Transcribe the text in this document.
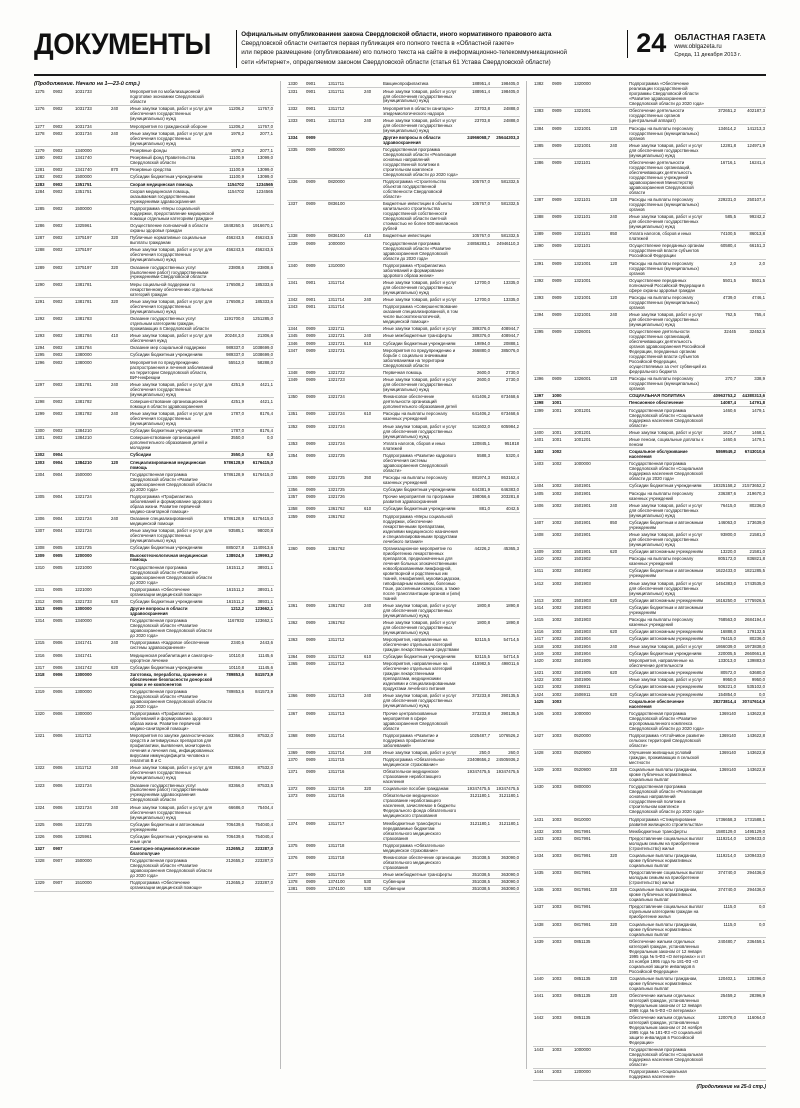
ДОКУМЕНТЫ	Официальным опубликованием закона Свердловской области, иного нормативного правового акта

Свердловской области считается первая публикация его полного текста в «Областной газете»

или первое размещение (опубликование) его полного текста на сайте в информационно-телекоммуникационной

сети «Интернет», определяемом законом Свердловской области (статья 61 Устава Свердловской области)

24 ОБЛАСТНАЯ ГАЗЕТА
www.oblgazeta.ru
Среда, 11 декабря 2013 г.
(Продолжение. Начало на 1—23-й стр.)
1275	0902	1031733		Мероприятия по мобилизационной подготовке экономики Свердловской области		
1276	0902	1031733	240	Иные закупки товаров, работ и услуг для обеспечения государственных (муниципальных) нужд	11206,2	11767,0
1277	0902	1031734		Мероприятия по гражданской обороне	11206,2	11767,0
1278	0902	1031734	240	Иные закупки товаров, работ и услуг для обеспечения государственных (муниципальных) нужд	1978,2	2077,1
1279	0902	1340000		Резервные фонды	1978,2	2077,1
1280	0902	1341740		Резервный фонд Правительства Свердловской области	11100,9	13099,0
1281	0902	1341740	870	Резервные средства	11100,9	13099,0
1282	0902	1500000		Субсидии бюджетным учреждениям	11100,9	13099,0
1283	0902	1351751		Скорая медицинская помощь	1154702	1234565
1284	0902	1351751		Скорая медицинская помощь, оказываемая государственными учреждениями здравоохранения	1154702	1234565
1285	0902	1500000		Подпрограмма «Меры социальной поддержки, предоставление медицинской помощи отдельным категориям граждан»		
1286	0902	1325961		Осуществление полномочий в области охраны здоровья граждан	1848260,5	1916670,1
1287	0902	1375197	320	Публичные нормативные социальные выплаты гражданам	456243,5	456243,5
1288	0902	1375197		Иные закупки товаров, работ и услуг для обеспечения государственных (муниципальных) нужд	456243,5	456243,5
1289	0902	1375197	320	Оказание государственных услуг (выполнение работ) государственными учреждениями Свердловской области	23808,6	23808,6
1290	0902	1381781		Меры социальной поддержки по лекарственному обеспечению отдельных категорий граждан	176508,2	185333,6
1291	0902	1381781	320	Иные закупки товаров, работ и услуг для обеспечения государственных (муниципальных) нужд	176508,2	185333,6
1292	0902	1381783		Оказание государственных услуг отдельным категориям граждан, проживающих в Свердловской области	1191700,0	1251285,0
1293	0902	1381784	410	Иные закупки товаров, работ и услуг для обеспечения нужд	20248,3,0	21306,6
1294	0902	1381784		Оказание мер социальной поддержки	989337,0	1038699,0
1295	0902	1380000		Субсидии бюджетным учреждениям	989337,0	1038699,0
1296	0902	1380000		Мероприятия по предупреждению распространения и лечения заболеваний на территории Свердловской области, ВИЧ-инфекции	55512,0	58288,0
1297	0902	1381781	240	Иные закупки товаров, работ и услуг для обеспечения государственных (муниципальных) нужд	4251,9	4421,1
1298	0902	1381782		Совершенствование организационной помощи в области здравоохранения	4251,9	4421,1
1299	0902	1381782	240	Иные закупки товаров, работ и услуг для обеспечения государственных (муниципальных) нужд	1787,0	8176,4
1300	0902	1384210		Субсидии бюджетным учреждениям	1787,0	8176,4
1301	0902	1384210		Совершенствование организацией дополнительного образования детей и молодежи	3550,0	0,0
1302	0904			Субсидии	3550,0	0,0
1303	0904	1384210	120	Специализированная медицинская помощь	5786128,9	6176415,0
1304	0904	1500000		Государственная программа Свердловской области «Развитие здравоохранения Свердловской области до 2020 года»	5786128,9	6176415,0
1305	0904	1321724		Подпрограмма «Профилактика заболеваний и формирование здорового образа жизни. Развитие первичной медико-санитарной помощи»		
1306	0904	1321724	240	Оказание специализированной медицинской помощи	5786128,9	6176415,0
1307	0904	1321724		Иные закупки товаров, работ и услуг для обеспечения государственных (муниципальных) нужд	93585,1	98020,8
1308	0905	1321725		Субсидии бюджетным учреждениям	885027,8	1140913,6
1309	0905	1200000		Высокотехнологичная медицинская помощь	138924,9	139993,2
1310	0905	1221000		Государственная программа Свердловской области «Развитие здравоохранения Свердловской области до 2020 года»	161511,2	38931,1
1311	0905	1221000		Подпрограмма «Обеспечение организации медицинской помощи»	161511,2	38931,1
1312	0905	1321733	620	Субсидии бюджетным учреждениям	161511,2	38931,1
1313	0905	1300000		Другие вопросы в области здравоохранения	1212,2	123662,1
1314	0905	1340000		Государственная программа Свердловской области «Развитие здравоохранения Свердловской области до 2020 года»	1167932	123662,1
1315	0906	1341741	240	Подпрограмма «Кадровое обеспечение системы здравоохранения»	2340,6	2443,6
1316	0906	1341741		Медицинская реабилитация и санаторно-курортное лечение	10110,8	11145,6
1317	0906	1341742	620	Субсидии бюджетным учреждениям	10110,8	11145,6
1318	0906	1300000		Заготовка, переработка, хранение и обеспечение безопасности донорской крови и ее компонентов	789853,6	841573,9
1319	0906	1300000		Государственная программа Свердловской области «Развитие здравоохранения Свердловской области до 2020 года»	789853,6	841573,9
1320	0906	1300000		Подпрограмма «Профилактика заболеваний и формирование здорового образа жизни. Развитие первичной медико-санитарной помощи»		
1321	0906	1311712		Мероприятия по закупке диагностических средств и антивирусных препаратов для профилактики, выявления, мониторинга лечения и лечения лиц, инфицированных вирусами иммунодефицита человека и гепатитов В и С	83366,0	87532,0
1322	0906	1311712	240	Иные закупки товаров, работ и услуг для обеспечения государственных (муниципальных) нужд	83366,0	87532,0
1323	0906	1321724		Оказание государственных услуг (выполнение работ) государственными учреждениями здравоохранения Свердловской области	83366,0	87533,5
1324	0906	1321724	240	Иные закупки товаров, работ и услуг для обеспечения государственных (муниципальных) нужд	66686,0	75404,4
1325	0906	1321725		Субсидии бюджетным и автономным учреждениям	706439,6	754040,4
1326	0906	1325961		Субсидии бюджетным учреждениям на иные цели	706439,6	754040,4
1327	0907			Санитарно-эпидемиологическое благополучие	212655,2	223287,0
1328	0907	1500000		Государственная программа Свердловской области «Развитие здравоохранения Свердловской области до 2020 года»	212655,2	223287,0
1329	0907	1510000		Подпрограмма «Обеспечение организации медицинской помощи»	212655,2	223287,0
1330	0901	1311711		Вакцинопрофилактика	188951,4	198405,0
1331	0901	1311711	240	Иные закупки товаров, работ и услуг для обеспечения государственных (муниципальных) нужд	188951,4	198405,0
1332	0901	1311712		Мероприятия в области санитарно-эпидемиологического надзора	23703,8	24888,0
1333	0901	1311713	240	Иные закупки товаров, работ и услуг для обеспечения государственных (муниципальных) нужд	23703,8	24888,0
1334	0909			Другие вопросы в области здравоохранения	24966068,7	25644303,3
1335	0909	0800000		Государственная программа Свердловской области «Реализация основных направлений государственной политики в строительном комплексе Свердловской области до 2020 года»		
1336	0909	0820000		Подпрограмма «Строительство объектов государственной собственности Свердловской области»	105767,0	581332,5
1337	0909	0836100		Бюджетные инвестиции в объекты капитального строительства государственной собственности Свердловской области сметной стоимостью не более 500 миллионов рублей	105767,0	581332,5
1338	0909	0836100	410	Бюджетные инвестиции	105767,0	581332,5
1339	0909	1000000		Государственная программа Свердловской области «Развитие здравоохранения Свердловской области до 2020 года»	24856283,1	24946110,3
1340	0909	1310000		Подпрограмма «Профилактика заболеваний и формирование здорового образа жизни»		
1341	0901	1311714		Иные закупки товаров, работ и услуг для обеспечения государственных (муниципальных) нужд	12700,0	13335,0
1342	0901	1311714	240	Иные закупки товаров, работ и услуг	12700,0	13335,0
1343	0901	1311714		Подпрограмма «Совершенствование оказания специализированной, в том числе высокотехнологичной, медицинской помощи»		
1344	0909	1321711		Иные закупки товаров, работ и услуг	389376,0	408944,7
1345	0909	1321721	240	Иные межбюджетные трансферты	389376,0	408944,7
1346	0909	1321721	610	Субсидии бюджетным учреждениям	19894,0	20888,1
1347	0909	1321721		Мероприятия по предупреждению и борьбе с социально значимыми заболеваниями на территории Свердловской области	366880,0	385076,0
1348	0909	1321722		Первичная помощь	2600,0	2730,0
1349	0909	1321723		Иные закупки товаров, работ и услуг для обеспечения государственных (муниципальных) нужд	2600,0	2730,0
1350	0909	1321724		Финансовое обеспечение деятельности организаций дополнительного образования детей	641406,2	673468,6
1351	0909	1321724	610	Расходы на выплаты персоналу казенных учреждений	641406,2	673468,6
1352	0909	1321724		Иные закупки товаров, работ и услуг для обеспечения государственных (муниципальных) нужд	511602,0	605984,2
1353	0909	1321724		Уплата налогов, сборов и иных платежей	120845,1	951818
1354	0909	1321725		Подпрограмма «Развитие кадрового обеспечения системы здравоохранения Свердловской области»	5588,3	5320,4
1355	0909	1321725	350	Расходы на выплаты персоналу казенных учреждений	881974,3	863162,4
1356	0909	1321725		Субсидии бюджетным учреждениям	644381,9	646383,0
1357	0909	1321726		Прочие мероприятия по программе развития здравоохранения	198066,6	203281,8
1358	0909	1361762	610	Субсидии бюджетным учреждениям	881,0	4042,5
1359	0909	1361762		Подпрограмма «Меры социальной поддержки, обеспечение лекарственными препаратами, изделиями медицинского назначения и специализированными продуктами лечебного питания»		
1360	0909	1361762		Организационное мероприятие по приобретению лекарственных препаратов, предназначенных для лечения больных злокачественными новообразованиями лимфоидной, кроветворной и родственных им тканей, гемофилией, муковисцидозом, гипофизарным нанизмом, болезнью Гоше, рассеянным склерозом, а также после трансплантации органов и (или) тканей	44226,2	45365,3
1361	0909	1361762	240	Иные закупки товаров, работ и услуг для обеспечения государственных (муниципальных) нужд	1800,8	1890,8
1362	0909	1361762		Иные закупки товаров, работ и услуг для обеспечения государственных (муниципальных) нужд	1800,8	1890,8
1363	0909	1311712		Мероприятия, направленные на обеспечение отдельных категорий граждан лекарственными средствами	52115,5	54714,5
1364	0909	1311712	610	Субсидии бюджетным учреждениям	52115,5	54714,5
1365	0909	1311712		Мероприятия, направленные на обеспечение отдельных категорий граждан лекарственными препаратами, медицинскими изделиями и специализированными продуктами лечебного питания	415982,5	498011,6
1366	0909	1311713	240	Иные закупки товаров, работ и услуг для обеспечения государственных (муниципальных) нужд	373233,8	390135,5
1367	0909	1311713		Прочие централизованные мероприятия в сфере здравоохранения Свердловской области	373233,8	390135,5
1368	0909	1311714		Подпрограмма «Развитие и поддержка профилактики заболеваний»	1025487,7	1076526,2
1369	0909	1311714	240	Иные закупки товаров, работ и услуг	250,0	260,0
1370	0909	1311715		Подпрограмма «Обязательное медицинское страхование»	23408656,2	24505936,2
1371	0909	1311716		Обязательное медицинское страхование неработающего населения	19347475,5	19347475,5
1372	0909	1311716	320	Социальное пособие гражданам	19347475,5	19347475,5
1373	0909	1311716		Обязательное медицинское страхование неработающего населения, зачисляемое в бюджеты Федерального фонда обязательного медицинского страхования	3121180,1	3121180,1
1374	0909	1311717		Межбюджетные трансферты передаваемые бюджетам обязательного медицинского страхования	3121180,1	3121180,1
1375	0909	1311718		Подпрограмма «Обязательное медицинское страхование»		
1376	0909	1311718		Финансовое обеспечение организации обязательного медицинского страхования	351038,5	363090,0
1377	0909	1311719		Иные межбюджетные трансферты	351038,5	363090,0
1378	0909	1374100	530	Субвенции	351038,5	363090,0
1381	0909	1374100	530	Субвенции	351038,5	363090,0
1382	0909	1320000		Подпрограмма «Обеспечение реализации государственной программы Свердловской области «Развитие здравоохранения Свердловской области до 2020 года»		
1383	0909	1321001		Обеспечение деятельности государственных органов (центральный аппарат)	372651,2	402187,3
1384	0909	1321001	120	Расходы на выплаты персоналу государственных (муниципальных) органов	134614,2	141213,3
1385	0909	1321001	240	Иные закупки товаров, работ и услуг для обеспечения государственных (муниципальных) нужд	12281,8	124971,9
1386	0909	1321101		Обеспечение деятельности государственных организаций, обеспечивающих деятельность государственных учреждений здравоохранения Министерству здравоохранения Свердловской области	16716,1	16241,4
1387	0909	1321101	120	Расходы на выплаты персоналу государственных (муниципальных) органов	229231,0	250107,4
1388	0909	1321101	240	Иные закупки товаров, работ и услуг для обеспечения государственных (муниципальных) нужд	585,5	99242,2
1389	0909	1321101	850	Уплата налогов, сборов и иных платежей	74100,5	86013,8
1390	0909	1321101		Осуществление переданных органам государственной власти субъектов Российской Федерации	60580,4	66151,3
1391	0909	1321001	120	Расходы на выплаты персоналу государственных (муниципальных) органов	2,0	2,0
1392	0909	1321001		Осуществление переданных полномочий Российской Федерации в сфере охраны здоровья граждан	5501,5	5501,5
1393	0909	1321001	120	Расходы на выплаты персоналу государственных (муниципальных) органов	4739,0	4746,1
1394	0909	1321001	240	Иные закупки товаров, работ и услуг для обеспечения государственных (муниципальных) нужд	762,5	755,4
1395	0909	1326001		Осуществление деятельности государственных организаций, обеспечивающих деятельность органов здравоохранения Российской Федерации, переданных органам государственной власти субъектов Российской Федерации, осуществляемых за счет субвенций из федерального бюджета	32445	32452,5
1396	0909	1326001	120	Расходы на выплаты персоналу государственных (муниципальных) органов	270,7	338,9
1397	1000			СОЦИАЛЬНАЯ ПОЛИТИКА	40963753,2	44380313,6
1398	1001			Пенсионное обеспечение	14087,4	14791,8
1399	1001	1001201		Государственная программа Свердловской области «Социальная поддержка населения Свердловской области»	1460,6	1479,1
1400	1001	1001201		Иные закупки товаров, работ и услуг	1624,7	1468,1
1401	1001	1001201		Иные пенсии, социальные доплаты к пенсии	1460,6	1479,1
1402	1002			Социальное обслуживание населения	5869549,2	6743010,6
1403	1002	1000000		Государственная программа Свердловской области «Социальная поддержка населения Свердловской области до 2020 года»		
1404	1002	1501901		Субсидии бюджетным учреждениям	18325158,2	21573652,2
1405	1002	1501901		Расходы на выплаты персоналу казенных учреждений	236387,6	219670,3
1406	1002	1501901	240	Иные закупки товаров, работ и услуг для обеспечения государственных (муниципальных) нужд	76415,0	80236,0
1407	1002	1501901	850	Субсидии бюджетным и автономным учреждениям	146063,0	173639,0
1408	1002	1501901		Иные закупки товаров, работ и услуг для обеспечения государственных (муниципальных) нужд	93800,0	21581,0
1409	1002	1501901	620	Субсидии автономным учреждениям	13220,0	21581,0
1410	1002	1501902		Расходы на выплаты персоналу казенных учреждений	805172,0	836821,8
1411	1002	1501902		Субсидии бюджетным и автономным учреждениям	1622433,0	1821285,5
1412	1002	1501903		Иные закупки товаров, работ и услуг для обеспечения государственных (муниципальных) нужд	1454383,0	1743535,0
1413	1002	1501903	620	Субсидии автономным учреждениям	1616250,0	1775926,5
1414	1002	1501903		Субсидии бюджетным и автономным учреждениям		
1415	1002	1501903		Расходы на выплаты персоналу казенных учреждений	768563,0	2684194,4
1416	1002	1501903	620	Субсидии автономным учреждениям	16888,0	179132,5
1417	1002	1501904		Субсидии автономным учреждениям	76415,0	80236,0
1418	1002	1501904	240	Иные закупки товаров, работ и услуг	1866039,0	1973838,0
1419	1002	1501904		Субсидии бюджетным учреждениям	220005,5	2660661,8
1420	1002	1501905		Мероприятия, направленные на обеспечение деятельности	133013,0	139883,0
1421	1002	1501905	620	Субсидии автономным учреждениям	80572,0	63680,0
1422	1002	1501906		Иные закупки товаров, работ и услуг	9950,0	9950,0
1423	1002	1506911		Субсидии автономным учреждениям	506221,0	535102,0
1424	1002	1506911	620	Субсидии автономным учреждениям	154854,0	0,0
1425	1003			Социальное обеспечение населения	28273814,4	30747614,9
1426	1003	1000000		Государственная программа Свердловской области «Развитие агропромышленного комплекса Свердловской области до 2020 года»	1369140	143622,8
1427	1003	0520000		Подпрограмма «Устойчивое развитие сельских территорий Свердловской области»	1369140	143622,8
1428	1003	0520900		Улучшение жилищных условий граждан, проживающих в сельской местности	1369140	143622,8
1429	1003	0520900	320	Социальные выплаты гражданам, кроме публичных нормативных социальных выплат	1369140	143622,8
1430	1003	0800000		Государственная программа Свердловской области «Реализация основных направлений государственной политики в строительном комплексе Свердловской области до 2020 года»		
1431	1003	0810000		Подпрограмма «Стимулирование развития жилищного строительства»	1736658,3	1731588,1
1432	1003	0817991		Межбюджетные трансферты	1580129,0	1495129,0
1433	1003	0817991		Предоставление социальных выплат молодым семьям на приобретение (строительство) жилья	1119214,0	1209433,0
1434	1003	0817991	320	Социальные выплаты гражданам, кроме публичных нормативных социальных выплат	1119214,0	1209433,0
1435	1003	0817991		Предоставление социальных выплат молодым семьям на приобретение (строительство) жилья	374740,0	294436,0
1436	1003	0817991	320	Социальные выплаты гражданам, кроме публичных нормативных социальных выплат	374740,0	294436,0
1437	1003	0817991		Предоставление социальных выплат отдельным категориям граждан на приобретение жилья	1115,0	0,0
1438	1003	0817991	320	Социальные выплаты гражданам, кроме публичных нормативных социальных выплат	1115,0	0,0
1439	1003	0851135		Обеспечение жильем отдельных категорий граждан, установленных Федеральным законом от 12 января 1995 года № 5-ФЗ «О ветеранах» и от 24 ноября 1995 года № 181-ФЗ «О социальной защите инвалидов в Российской Федерации»	240480,7	236459,1
1440	1003	0851135	320	Социальные выплаты гражданам, кроме публичных нормативных социальных выплат	120402,1	120396,0
1441	1003	0851135	320	Обеспечение жильем отдельных категорий граждан, установленных Федеральным законом от 12 января 1995 года № 5-ФЗ «О ветеранах»	25459,2	28396,9
1442	1003	0851135		Обеспечение жильем отдельных категорий граждан, установленных Федеральным законом от 24 ноября 1995 года № 181-ФЗ «О социальной защите инвалидов в Российской Федерации»	120078,0	116064,0
1443	1003	1000000		Государственная программа Свердловской области «Социальная поддержка населения Свердловской области»		
1444	1003	1200000		Подпрограмма «Социальная поддержка населения»		
(Продолжение на 25-й стр.)
